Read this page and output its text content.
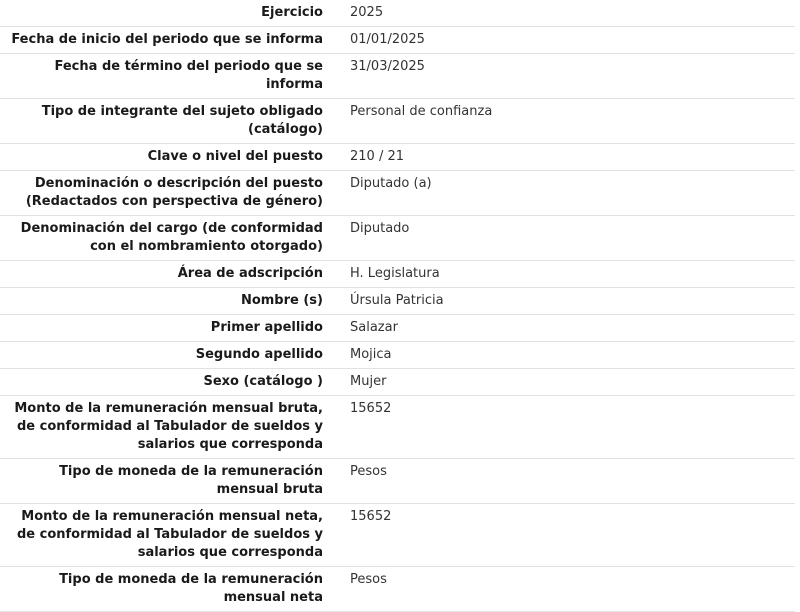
Ejercicio		2025
Fecha de inicio del periodo que se informa		01/01/2025
Fecha de término del periodo que se informa		31/03/2025
Tipo de integrante del sujeto obligado (catálogo)		Personal de confianza
Clave o nivel del puesto		210 / 21
Denominación o descripción del puesto (Redactados con perspectiva de género)		Diputado (a)
Denominación del cargo (de conformidad con el nombramiento otorgado)		Diputado
Área de adscripción		H. Legislatura
Nombre (s)		Úrsula Patricia
Primer apellido		Salazar
Segundo apellido		Mojica
Sexo (catálogo )		Mujer
Monto de la remuneración mensual bruta, de conformidad al Tabulador de sueldos y salarios que corresponda		15652
Tipo de moneda de la remuneración mensual bruta		Pesos
Monto de la remuneración mensual neta, de conformidad al Tabulador de sueldos y salarios que corresponda		15652
Tipo de moneda de la remuneración mensual neta		Pesos
